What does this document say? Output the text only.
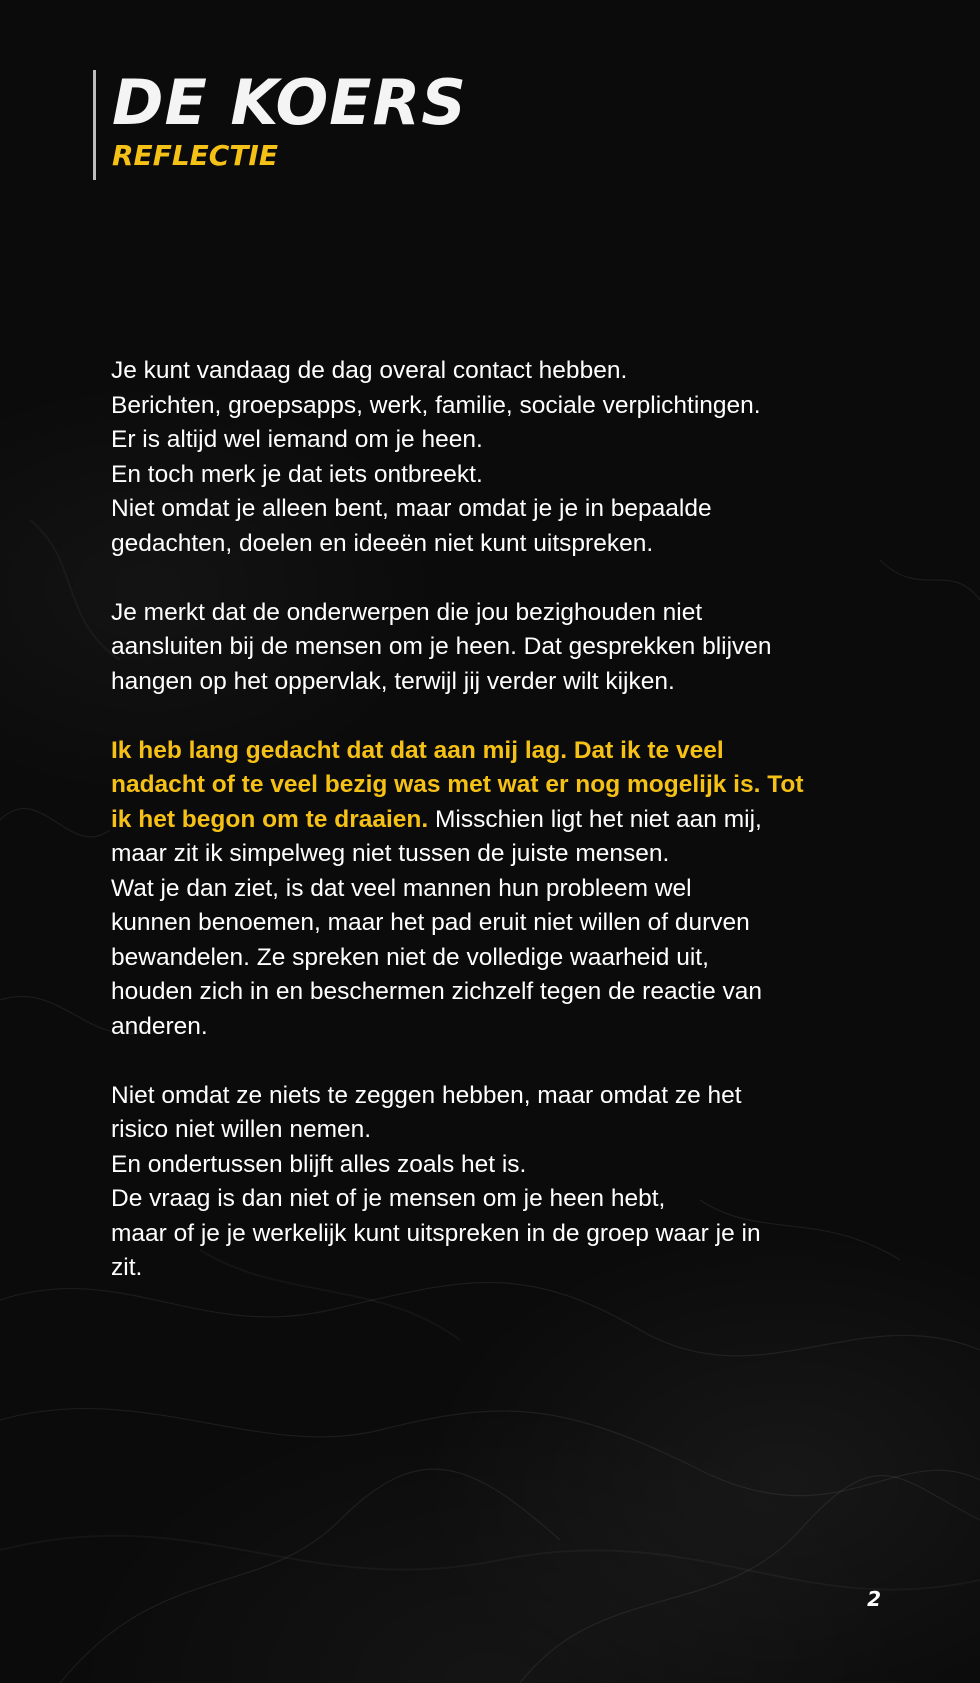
DE KOERS
REFLECTIE

Je kunt vandaag de dag overal contact hebben.
Berichten, groepsapps, werk, familie, sociale verplichtingen.
Er is altijd wel iemand om je heen.
En toch merk je dat iets ontbreekt.
Niet omdat je alleen bent, maar omdat je je in bepaalde
gedachten, doelen en ideeën niet kunt uitspreken.

Je merkt dat de onderwerpen die jou bezighouden niet
aansluiten bij de mensen om je heen. Dat gesprekken blijven
hangen op het oppervlak, terwijl jij verder wilt kijken.

Ik heb lang gedacht dat dat aan mij lag. Dat ik te veel
nadacht of te veel bezig was met wat er nog mogelijk is. Tot
ik het begon om te draaien. Misschien ligt het niet aan mij,
maar zit ik simpelweg niet tussen de juiste mensen.
Wat je dan ziet, is dat veel mannen hun probleem wel
kunnen benoemen, maar het pad eruit niet willen of durven
bewandelen. Ze spreken niet de volledige waarheid uit,
houden zich in en beschermen zichzelf tegen de reactie van
anderen.

Niet omdat ze niets te zeggen hebben, maar omdat ze het
risico niet willen nemen.
En ondertussen blijft alles zoals het is.
De vraag is dan niet of je mensen om je heen hebt,
maar of je je werkelijk kunt uitspreken in de groep waar je in
zit.

2
